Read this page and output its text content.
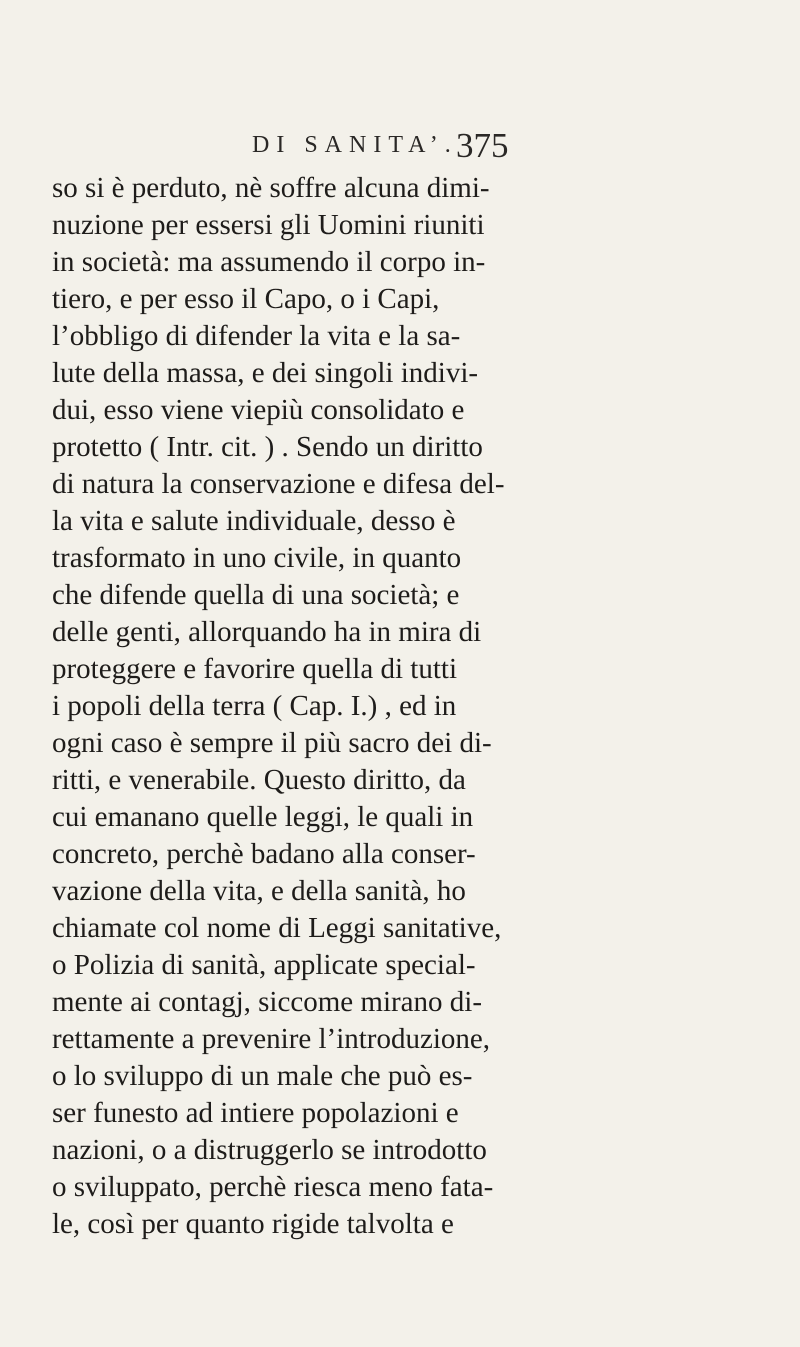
DI SANITA’.
375
so si è perduto, nè soffre alcuna dimi-
nuzione per essersi gli Uomini riuniti
in società: ma assumendo il corpo in-
tiero, e per esso il Capo, o i Capi,
l’obbligo di difender la vita e la sa-
lute della massa, e dei singoli indivi-
dui, esso viene viepiù consolidato e
protetto ( Intr. cit. ) . Sendo un diritto
di natura la conservazione e difesa del-
la vita e salute individuale, desso è
trasformato in uno civile, in quanto
che difende quella di una società; e
delle genti, allorquando ha in mira di
proteggere e favorire quella di tutti
i popoli della terra ( Cap. I.) , ed in
ogni caso è sempre il più sacro dei di-
ritti, e venerabile. Questo diritto, da
cui emanano quelle leggi, le quali in
concreto, perchè badano alla conser-
vazione della vita, e della sanità, ho
chiamate col nome di Leggi sanitative,
o Polizia di sanità, applicate special-
mente ai contagj, siccome mirano di-
rettamente a prevenire l’introduzione,
o lo sviluppo di un male che può es-
ser funesto ad intiere popolazioni e
nazioni, o a distruggerlo se introdotto
o sviluppato, perchè riesca meno fata-
le, così per quanto rigide talvolta e
